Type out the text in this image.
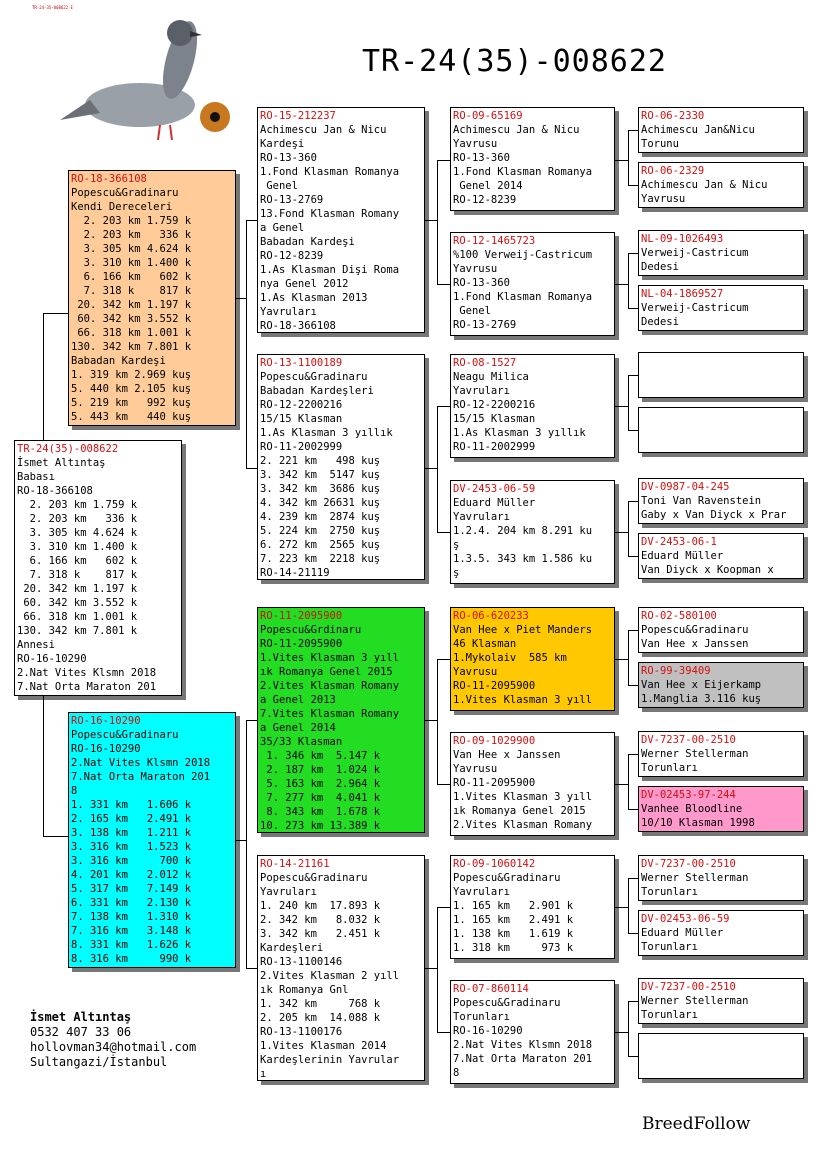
TR-24-35-008622 E
TR-24(35)-008622
TR-24(35)-008622
İsmet Altıntaş
Babası
RO-18-366108
2. 203 km 1.759 k
2. 203 km   336 k
3. 305 km 4.624 k
3. 310 km 1.400 k
6. 166 km   602 k
7. 318 k    817 k
20. 342 km 1.197 k
60. 342 km 3.552 k
66. 318 km 1.001 k
130. 342 km 7.801 k
Annesi
RO-16-10290
2.Nat Vites Klsmn 2018
7.Nat Orta Maraton 201
RO-18-366108
Popescu&Gradinaru
Kendi Dereceleri
2. 203 km 1.759 k
2. 203 km   336 k
3. 305 km 4.624 k
3. 310 km 1.400 k
6. 166 km   602 k
7. 318 k    817 k
20. 342 km 1.197 k
60. 342 km 3.552 k
66. 318 km 1.001 k
130. 342 km 7.801 k
Babadan Kardeşi
1. 319 km 2.969 kuş
5. 440 km 2.105 kuş
5. 219 km   992 kuş
5. 443 km   440 kuş
RO-16-10290
Popescu&Gradinaru
RO-16-10290
2.Nat Vites Klsmn 2018
7.Nat Orta Maraton 201
8
1. 331 km   1.606 k
2. 165 km   2.491 k
3. 138 km   1.211 k
3. 316 km   1.523 k
3. 316 km     700 k
4. 201 km   2.012 k
5. 317 km   7.149 k
6. 331 km   2.130 k
7. 138 km   1.310 k
7. 316 km   3.148 k
8. 331 km   1.626 k
8. 316 km     990 k
RO-15-212237
Achimescu Jan & Nicu
Kardeşi
RO-13-360
1.Fond Klasman Romanya
Genel
RO-13-2769
13.Fond Klasman Romany
a Genel
Babadan Kardeşi
RO-12-8239
1.As Klasman Dişi Roma
nya Genel 2012
1.As Klasman 2013
Yavruları
RO-18-366108
RO-13-1100189
Popescu&Gradinaru
Babadan Kardeşleri
RO-12-2200216
15/15 Klasman
1.As Klasman 3 yıllık
RO-11-2002999
2. 221 km   498 kuş
3. 342 km  5147 kuş
3. 342 km  3686 kuş
4. 342 km 26631 kuş
4. 239 km  2874 kuş
5. 224 km  2750 kuş
6. 272 km  2565 kuş
7. 223 km  2218 kuş
RO-14-21119
RO-11-2095900
Popescu&Grdinaru
RO-11-2095900
1.Vites Klasman 3 yıll
ık Romanya Genel 2015
2.Vites Klasman Romany
a Genel 2013
7.Vites Klasman Romany
a Genel 2014
35/33 Klasman
1. 346 km  5.147 k
2. 187 km  1.024 k
5. 163 km  2.964 k
7. 277 km  4.041 k
8. 343 km  1.678 k
10. 273 km 13.389 k
RO-14-21161
Popescu&Gradinaru
Yavruları
1. 240 km  17.893 k
2. 342 km   8.032 k
3. 342 km   2.451 k
Kardeşleri
RO-13-1100146
2.Vites Klasman 2 yıll
ık Romanya Gnl
1. 342 km     768 k
2. 205 km  14.088 k
RO-13-1100176
1.Vites Klasman 2014
Kardeşlerinin Yavrular
ı
RO-09-65169
Achimescu Jan & Nicu
Yavrusu
RO-13-360
1.Fond Klasman Romanya
Genel 2014
RO-12-8239
RO-12-1465723
%100 Verweij-Castricum
Yavrusu
RO-13-360
1.Fond Klasman Romanya
Genel
RO-13-2769
RO-08-1527
Neagu Milica
Yavruları
RO-12-2200216
15/15 Klasman
1.As Klasman 3 yıllık
RO-11-2002999
DV-2453-06-59
Eduard Müller
Yavruları
1.2.4. 204 km 8.291 ku
ş
1.3.5. 343 km 1.586 ku
ş
RO-06-620233
Van Hee x Piet Manders
46 Klasman
1.Mykolaiv  585 km
Yavrusu
RO-11-2095900
1.Vites Klasman 3 yıll
RO-09-1029900
Van Hee x Janssen
Yavrusu
RO-11-2095900
1.Vites Klasman 3 yıll
ık Romanya Genel 2015
2.Vites Klasman Romany
RO-09-1060142
Popescu&Gradinaru
Yavruları
1. 165 km   2.901 k
1. 165 km   2.491 k
1. 138 km   1.619 k
1. 318 km     973 k
RO-07-860114
Popescu&Gradinaru
Torunları
RO-16-10290
2.Nat Vites Klsmn 2018
7.Nat Orta Maraton 201
8
RO-06-2330
Achimescu Jan&Nicu
Torunu
RO-06-2329
Achimescu Jan & Nicu
Yavrusu
NL-09-1026493
Verweij-Castricum
Dedesi
NL-04-1869527
Verweij-Castricum
Dedesi
DV-0987-04-245
Toni Van Ravenstein
Gaby x Van Diyck x Prar
DV-2453-06-1
Eduard Müller
Van Diyck x Koopman x
RO-02-580100
Popescu&Gradinaru
Van Hee x Janssen
RO-99-39409
Van Hee x Eijerkamp
1.Manglia 3.116 kuş
DV-7237-00-2510
Werner Stellerman
Torunları
DV-02453-97-244
Vanhee Bloodline
10/10 Klasman 1998
DV-7237-00-2510
Werner Stellerman
Torunları
DV-02453-06-59
Eduard Müller
Torunları
DV-7237-00-2510
Werner Stellerman
Torunları
İsmet Altıntaş
0532 407 33 06
hollovman34@hotmail.com
Sultangazi/İstanbul
BreedFollow
